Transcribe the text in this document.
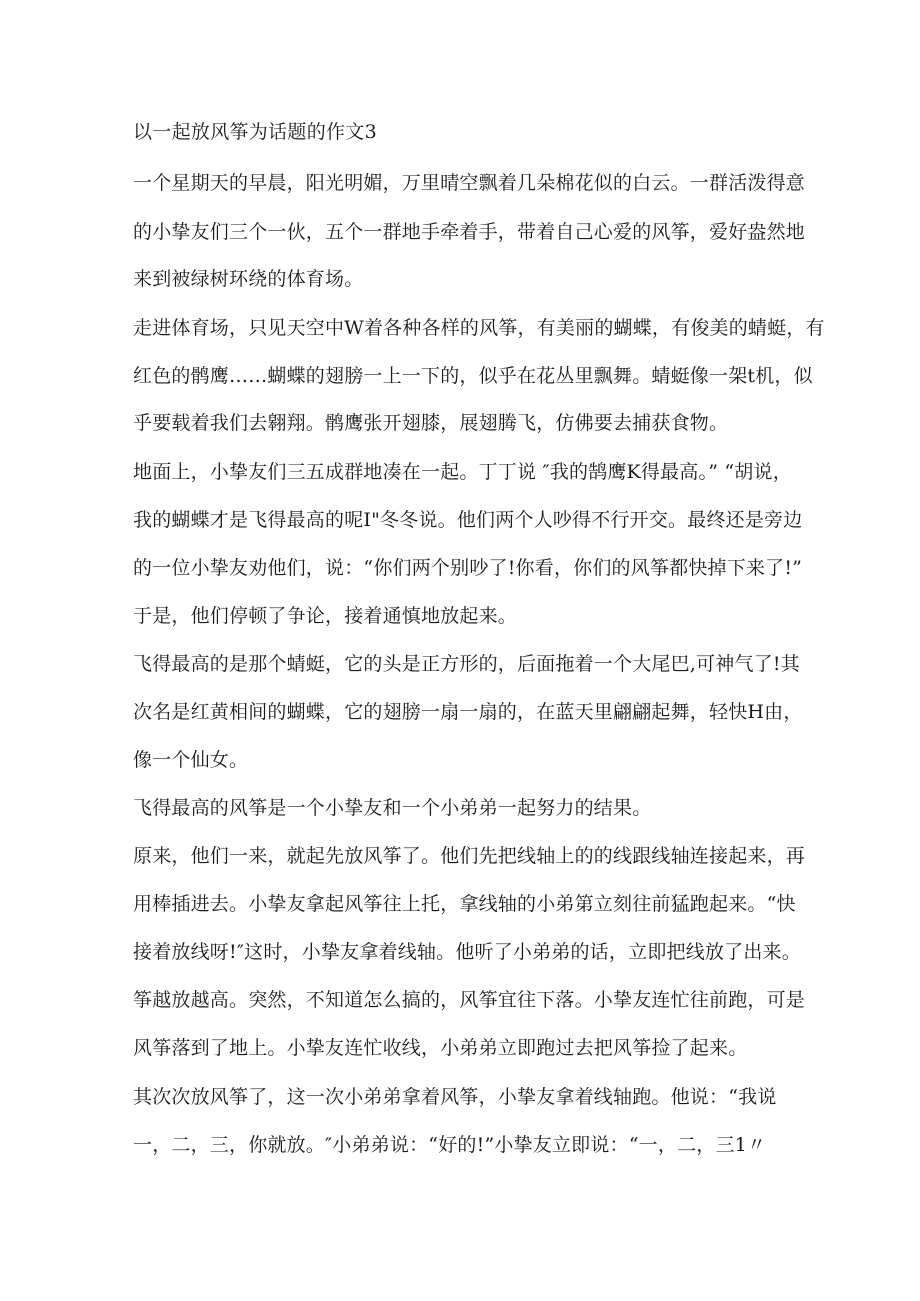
以一起放风筝为话题的作文3
一个星期天的早晨，阳光明媚，万里晴空飘着几朵棉花似的白云。一群活泼得意
的小挚友们三个一伙，五个一群地手牵着手，带着自己心爱的风筝，爱好盎然地
来到被绿树环绕的体育场。
走进体育场，只见天空中W着各种各样的风筝，有美丽的蝴蝶，有俊美的蜻蜓，有
红色的鹘鹰……蝴蝶的翅膀一上一下的，似乎在花丛里飘舞。蜻蜓像一架t机，似
乎要载着我们去翱翔。鹘鹰张开翅膝，展翅腾飞，仿佛要去捕获食物。
地面上，小挚友们三五成群地凑在一起。丁丁说 ″我的鹄鹰K得最高。” “胡说，
我的蝴蝶才是飞得最高的呢I"冬冬说。他们两个人吵得不行开交。最终还是旁边
的一位小挚友劝他们，说：“你们两个别吵了!你看，你们的风筝都快掉下来了!”
于是，他们停顿了争论，接着通慎地放起来。
飞得最高的是那个蜻蜓，它的头是正方形的，后面拖着一个大尾巴,可神气了!其
次名是红黄相间的蝴蝶，它的翅膀一扇一扇的，在蓝天里翩翩起舞，轻快H由，
像一个仙女。
飞得最高的风筝是一个小挚友和一个小弟弟一起努力的结果。
原来，他们一来，就起先放风筝了。他们先把线轴上的的线跟线轴连接起来，再
用棒插进去。小挚友拿起风筝往上托，拿线轴的小弟第立刻往前猛跑起来。“快
接着放线呀!″这时，小挚友拿着线轴。他听了小弟弟的话，立即把线放了出来。
筝越放越高。突然，不知道怎么搞的，风筝宜往下落。小挚友连忙往前跑，可是
风筝落到了地上。小挚友连忙收线，小弟弟立即跑过去把风筝捡了起来。
其次次放风筝了，这一次小弟弟拿着风筝，小挚友拿着线轴跑。他说：“我说
一，二，三，你就放。″小弟弟说：“好的!”小挚友立即说：“一，二，三1〃
